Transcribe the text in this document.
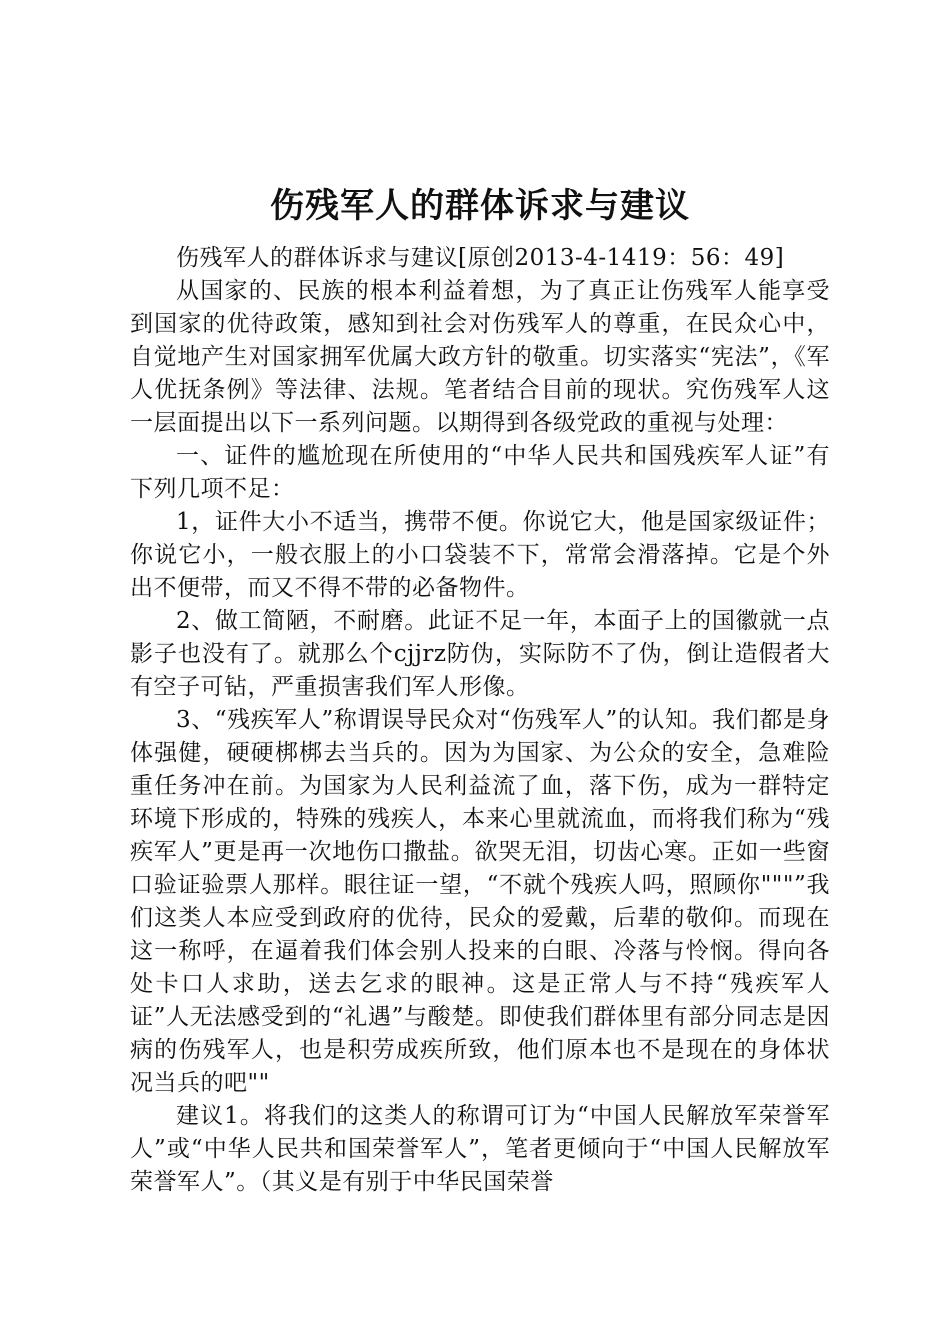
伤残军人的群体诉求与建议

伤残军人的群体诉求与建议[原创2013-4-1419：56：49]

从国家的、民族的根本利益着想，为了真正让伤残军人能享受到国家的优待政策，感知到社会对伤残军人的尊重，在民众心中，自觉地产生对国家拥军优属大政方针的敬重。切实落实“宪法”，《军人优抚条例》等法律、法规。笔者结合目前的现状。究伤残军人这一层面提出以下一系列问题。以期得到各级党政的重视与处理：

一、证件的尴尬现在所使用的“中华人民共和国残疾军人证”有下列几项不足：

1，证件大小不适当，携带不便。你说它大，他是国家级证件；你说它小，一般衣服上的小口袋装不下，常常会滑落掉。它是个外出不便带，而又不得不带的必备物件。

2、做工简陋，不耐磨。此证不足一年，本面子上的国徽就一点影子也没有了。就那么个cjjrz防伪，实际防不了伪，倒让造假者大有空子可钻，严重损害我们军人形像。

3、“残疾军人”称谓误导民众对“伤残军人”的认知。我们都是身体强健，硬硬梆梆去当兵的。因为为国家、为公众的安全，急难险重任务冲在前。为国家为人民利益流了血，落下伤，成为一群特定环境下形成的，特殊的残疾人，本来心里就流血，而将我们称为“残疾军人”更是再一次地伤口撒盐。欲哭无泪，切齿心寒。正如一些窗口验证验票人那样。眼往证一望，“不就个残疾人吗，照顾你"""”我们这类人本应受到政府的优待，民众的爱戴，后辈的敬仰。而现在这一称呼，在逼着我们体会别人投来的白眼、冷落与怜悯。得向各处卡口人求助，送去乞求的眼神。这是正常人与不持“残疾军人证”人无法感受到的“礼遇”与酸楚。即使我们群体里有部分同志是因病的伤残军人，也是积劳成疾所致，他们原本也不是现在的身体状况当兵的吧""

建议1。将我们的这类人的称谓可订为“中国人民解放军荣誉军人”或“中华人民共和国荣誉军人”，笔者更倾向于“中国人民解放军荣誉军人”。（其义是有别于中华民国荣誉
